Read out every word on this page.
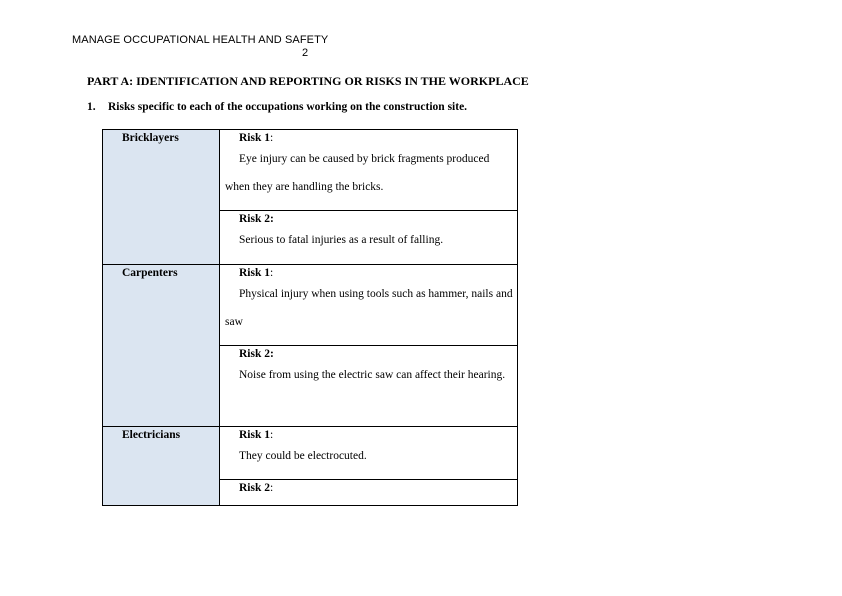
MANAGE OCCUPATIONAL HEALTH AND SAFETY
2
PART A: IDENTIFICATION AND REPORTING OR RISKS IN THE WORKPLACE
1. Risks specific to each of the occupations working on the construction site.
Bricklayers	Risk 1:
Eye injury can be caused by brick fragments produced when they are handling the bricks.

	Risk 2:
Serious to fatal injuries as a result of falling.

Carpenters	Risk 1:
Physical injury when using tools such as hammer, nails and saw

	Risk 2:
Noise from using the electric saw can affect their hearing.

Electricians	Risk 1:
They could be electrocuted.

	Risk 2:
